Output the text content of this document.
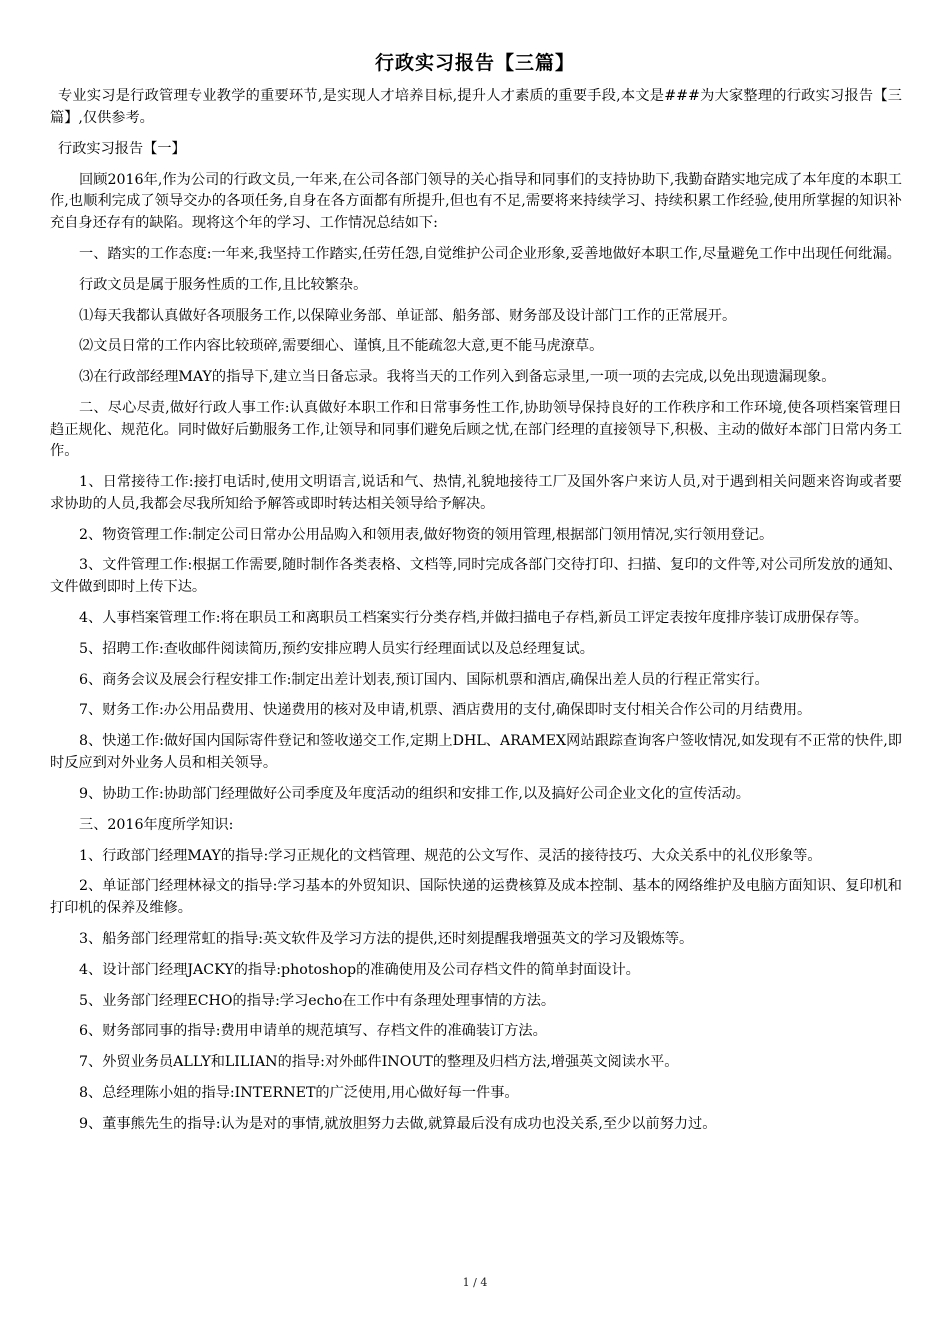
行政实习报告【三篇】

专业实习是行政管理专业教学的重要环节,是实现人才培养目标,提升人才素质的重要手段,本文是###为大家整理的行政实习报告【三篇】,仅供参考。

行政实习报告【一】

回顾2016年,作为公司的行政文员,一年来,在公司各部门领导的关心指导和同事们的支持协助下,我勤奋踏实地完成了本年度的本职工作,也顺利完成了领导交办的各项任务,自身在各方面都有所提升,但也有不足,需要将来持续学习、持续积累工作经验,使用所掌握的知识补充自身还存有的缺陷。现将这个年的学习、工作情况总结如下:

一、踏实的工作态度:一年来,我坚持工作踏实,任劳任怨,自觉维护公司企业形象,妥善地做好本职工作,尽量避免工作中出现任何纰漏。

行政文员是属于服务性质的工作,且比较繁杂。

⑴每天我都认真做好各项服务工作,以保障业务部、单证部、船务部、财务部及设计部门工作的正常展开。

⑵文员日常的工作内容比较琐碎,需要细心、谨慎,且不能疏忽大意,更不能马虎潦草。

⑶在行政部经理MAY的指导下,建立当日备忘录。我将当天的工作列入到备忘录里,一项一项的去完成,以免出现遗漏现象。

二、尽心尽责,做好行政人事工作:认真做好本职工作和日常事务性工作,协助领导保持良好的工作秩序和工作环境,使各项档案管理日趋正规化、规范化。同时做好后勤服务工作,让领导和同事们避免后顾之忧,在部门经理的直接领导下,积极、主动的做好本部门日常内务工作。

1、日常接待工作:接打电话时,使用文明语言,说话和气、热情,礼貌地接待工厂及国外客户来访人员,对于遇到相关问题来咨询或者要求协助的人员,我都会尽我所知给予解答或即时转达相关领导给予解决。

2、物资管理工作:制定公司日常办公用品购入和领用表,做好物资的领用管理,根据部门领用情况,实行领用登记。

3、文件管理工作:根据工作需要,随时制作各类表格、文档等,同时完成各部门交待打印、扫描、复印的文件等,对公司所发放的通知、文件做到即时上传下达。

4、人事档案管理工作:将在职员工和离职员工档案实行分类存档,并做扫描电子存档,新员工评定表按年度排序装订成册保存等。

5、招聘工作:查收邮件阅读简历,预约安排应聘人员实行经理面试以及总经理复试。

6、商务会议及展会行程安排工作:制定出差计划表,预订国内、国际机票和酒店,确保出差人员的行程正常实行。

7、财务工作:办公用品费用、快递费用的核对及申请,机票、酒店费用的支付,确保即时支付相关合作公司的月结费用。

8、快递工作:做好国内国际寄件登记和签收递交工作,定期上DHL、ARAMEX网站跟踪查询客户签收情况,如发现有不正常的快件,即时反应到对外业务人员和相关领导。

9、协助工作:协助部门经理做好公司季度及年度活动的组织和安排工作,以及搞好公司企业文化的宣传活动。

三、2016年度所学知识:

1、行政部门经理MAY的指导:学习正规化的文档管理、规范的公文写作、灵活的接待技巧、大众关系中的礼仪形象等。

2、单证部门经理林禄文的指导:学习基本的外贸知识、国际快递的运费核算及成本控制、基本的网络维护及电脑方面知识、复印机和打印机的保养及维修。

3、船务部门经理常虹的指导:英文软件及学习方法的提供,还时刻提醒我增强英文的学习及锻炼等。

4、设计部门经理JACKY的指导:photoshop的准确使用及公司存档文件的简单封面设计。

5、业务部门经理ECHO的指导:学习echo在工作中有条理处理事情的方法。

6、财务部同事的指导:费用申请单的规范填写、存档文件的准确装订方法。

7、外贸业务员ALLY和LILIAN的指导:对外邮件INOUT的整理及归档方法,增强英文阅读水平。

8、总经理陈小姐的指导:INTERNET的广泛使用,用心做好每一件事。

9、董事熊先生的指导:认为是对的事情,就放胆努力去做,就算最后没有成功也没关系,至少以前努力过。

1 / 4
